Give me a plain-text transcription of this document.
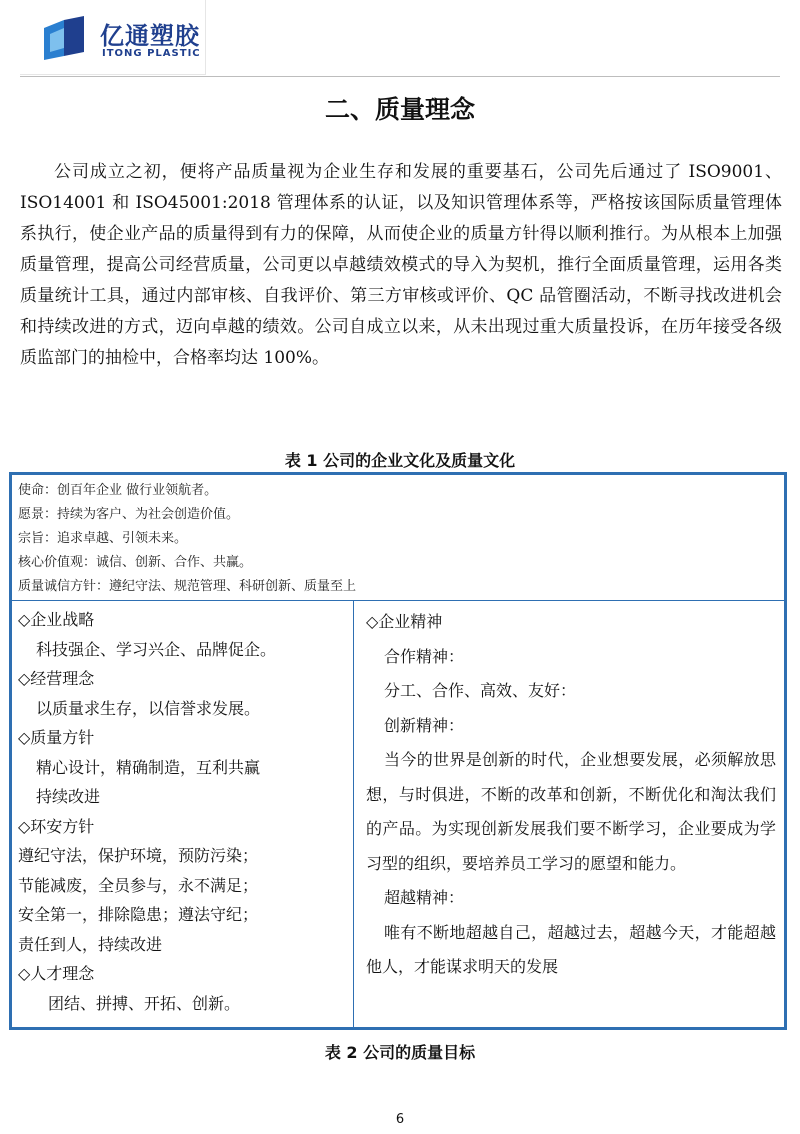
亿通塑胶
ITONG PLASTIC
二、质量理念

公司成立之初，便将产品质量视为企业生存和发展的重要基石，公司先后通过了 ISO9001、ISO14001 和 ISO45001:2018 管理体系的认证，以及知识管理体系等，严格按该国际质量管理体系执行，使企业产品的质量得到有力的保障，从而使企业的质量方针得以顺利推行。为从根本上加强质量管理，提高公司经营质量，公司更以卓越绩效模式的导入为契机，推行全面质量管理，运用各类质量统计工具，通过内部审核、自我评价、第三方审核或评价、QC 品管圈活动，不断寻找改进机会和持续改进的方式，迈向卓越的绩效。公司自成立以来，从未出现过重大质量投诉，在历年接受各级质监部门的抽检中，合格率均达 100%。

表 1 公司的企业文化及质量文化
使命：创百年企业 做行业领航者。
愿景：持续为客户、为社会创造价值。
宗旨：追求卓越、引领未来。
核心价值观：诚信、创新、合作、共赢。
质量诚信方针：遵纪守法、规范管理、科研创新、质量至上
◇企业战略
科技强企、学习兴企、品牌促企。
◇经营理念
以质量求生存，以信誉求发展。
◇质量方针
精心设计，精确制造，互利共赢
持续改进
◇环安方针
遵纪守法，保护环境，预防污染；
节能减废，全员参与，永不满足；
安全第一，排除隐患；遵法守纪；
责任到人，持续改进
◇人才理念
团结、拼搏、开拓、创新。
◇企业精神
合作精神：
分工、合作、高效、友好：
创新精神：
当今的世界是创新的时代，企业想要发展，必须解放思想，与时俱进，不断的改革和创新，不断优化和淘汰我们的产品。为实现创新发展我们要不断学习，企业要成为学习型的组织，要培养员工学习的愿望和能力。
超越精神：
唯有不断地超越自己，超越过去，超越今天，才能超越他人，才能谋求明天的发展
表 2 公司的质量目标
6
